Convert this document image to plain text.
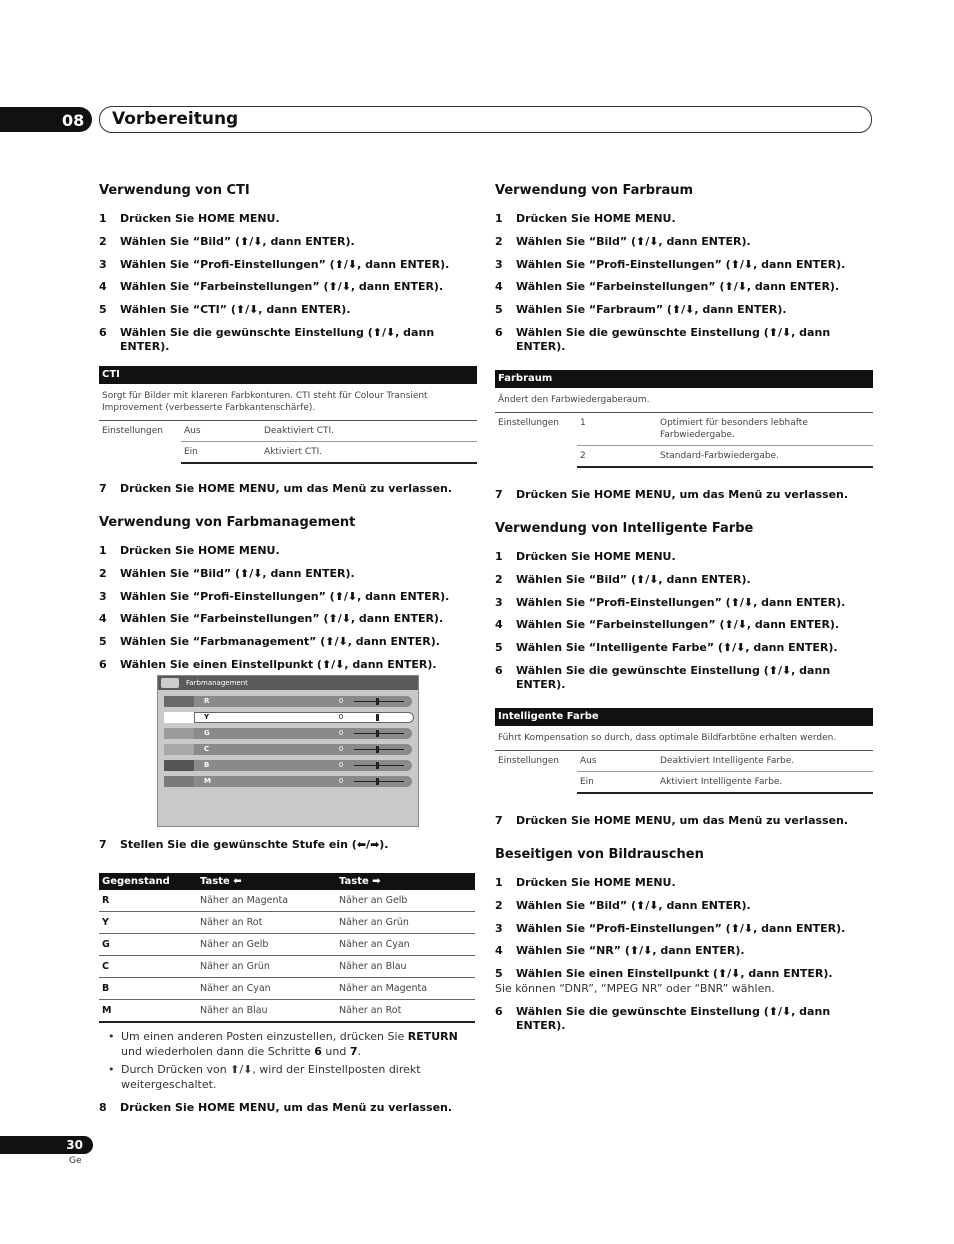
08 Vorbereitung
Verwendung von CTI
1	Drücken Sie HOME MENU.
2	Wählen Sie “Bild” (⬆/⬇, dann ENTER).
3	Wählen Sie “Profi-Einstellungen” (⬆/⬇, dann ENTER).
4	Wählen Sie “Farbeinstellungen” (⬆/⬇, dann ENTER).
5	Wählen Sie “CTI” (⬆/⬇, dann ENTER).
6	Wählen Sie die gewünschte Einstellung (⬆/⬇, dann ENTER).
CTI		
Sorgt für Bilder mit klareren Farbkonturen. CTI steht für Colour Transient Improvement (verbesserte Farbkantenschärfe).		
Einstellungen	Aus	Deaktiviert CTI.
	Ein	Aktiviert CTI.
7	Drücken Sie HOME MENU, um das Menü zu verlassen.
Verwendung von Farbmanagement
1	Drücken Sie HOME MENU.
2	Wählen Sie “Bild” (⬆/⬇, dann ENTER).
3	Wählen Sie “Profi-Einstellungen” (⬆/⬇, dann ENTER).
4	Wählen Sie “Farbeinstellungen” (⬆/⬇, dann ENTER).
5	Wählen Sie “Farbmanagement” (⬆/⬇, dann ENTER).
6	Wählen Sie einen Einstellpunkt (⬆/⬇, dann ENTER).
Farbmanagement
R	0
Y	0
G	0
C	0
B	0
M	0
7	Stellen Sie die gewünschte Stufe ein (⬅/➡).
Gegenstand	Taste ⬅	Taste ➡
R	Näher an Magenta	Näher an Gelb
Y	Näher an Rot	Näher an Grün
G	Näher an Gelb	Näher an Cyan
C	Näher an Grün	Näher an Blau
B	Näher an Cyan	Näher an Magenta
M	Näher an Blau	Näher an Rot
• Um einen anderen Posten einzustellen, drücken Sie RETURN und wiederholen dann die Schritte 6 und 7.
• Durch Drücken von ⬆/⬇, wird der Einstellposten direkt weitergeschaltet.
8	Drücken Sie HOME MENU, um das Menü zu verlassen.
Verwendung von Farbraum
1	Drücken Sie HOME MENU.
2	Wählen Sie “Bild” (⬆/⬇, dann ENTER).
3	Wählen Sie “Profi-Einstellungen” (⬆/⬇, dann ENTER).
4	Wählen Sie “Farbeinstellungen” (⬆/⬇, dann ENTER).
5	Wählen Sie “Farbraum” (⬆/⬇, dann ENTER).
6	Wählen Sie die gewünschte Einstellung (⬆/⬇, dann ENTER).
Farbraum		
Ändert den Farbwiedergaberaum.		
Einstellungen	1	Optimiert für besonders lebhafte Farbwiedergabe.
	2	Standard-Farbwiedergabe.
7	Drücken Sie HOME MENU, um das Menü zu verlassen.
Verwendung von Intelligente Farbe
1	Drücken Sie HOME MENU.
2	Wählen Sie “Bild” (⬆/⬇, dann ENTER).
3	Wählen Sie “Profi-Einstellungen” (⬆/⬇, dann ENTER).
4	Wählen Sie “Farbeinstellungen” (⬆/⬇, dann ENTER).
5	Wählen Sie “Intelligente Farbe” (⬆/⬇, dann ENTER).
6	Wählen Sie die gewünschte Einstellung (⬆/⬇, dann ENTER).
Intelligente Farbe		
Führt Kompensation so durch, dass optimale Bildfarbtöne erhalten werden.		
Einstellungen	Aus	Deaktiviert Intelligente Farbe.
	Ein	Aktiviert Intelligente Farbe.
7	Drücken Sie HOME MENU, um das Menü zu verlassen.
Beseitigen von Bildrauschen
1	Drücken Sie HOME MENU.
2	Wählen Sie “Bild” (⬆/⬇, dann ENTER).
3	Wählen Sie “Profi-Einstellungen” (⬆/⬇, dann ENTER).
4	Wählen Sie “NR” (⬆/⬇, dann ENTER).
5	Wählen Sie einen Einstellpunkt (⬆/⬇, dann ENTER).
Sie können “DNR”, “MPEG NR” oder “BNR” wählen.
6	Wählen Sie die gewünschte Einstellung (⬆/⬇, dann ENTER).
30
Ge
